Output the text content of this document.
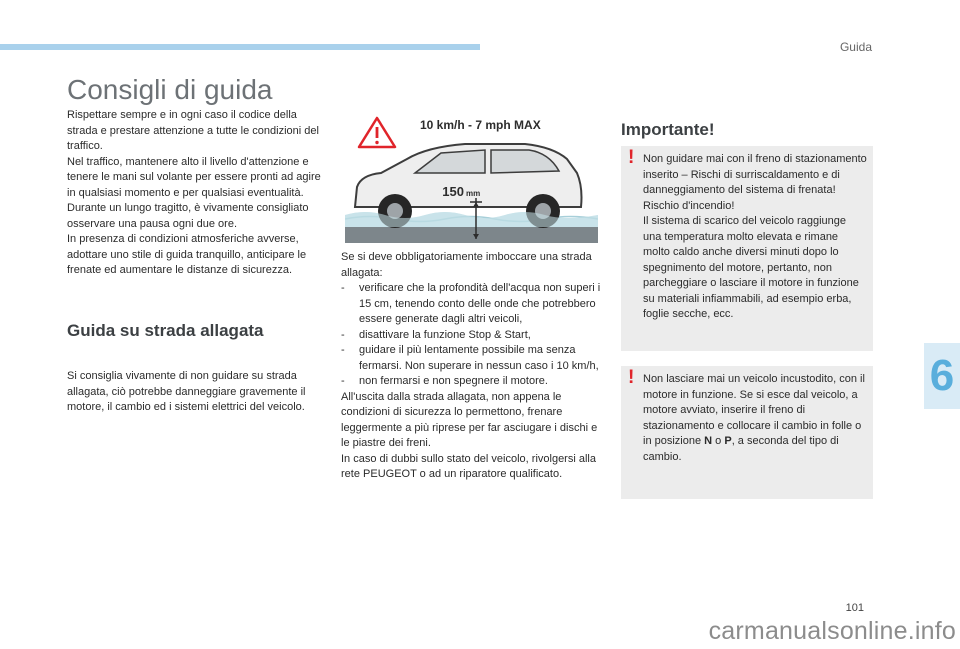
Guida
6
Consigli di guida

Rispettare sempre e in ogni caso il codice della strada e prestare attenzione a tutte le condizioni del traffico.

Nel traffico, mantenere alto il livello d'attenzione e tenere le mani sul volante per essere pronti ad agire in qualsiasi momento e per qualsiasi eventualità.

Durante un lungo tragitto, è vivamente consigliato osservare una pausa ogni due ore.

In presenza di condizioni atmosferiche avverse, adottare uno stile di guida tranquillo, anticipare le frenate ed aumentare le distanze di sicurezza.

Guida su strada allagata

Si consiglia vivamente di non guidare su strada allagata, ciò potrebbe danneggiare gravemente il motore, il cambio ed i sistemi elettrici del veicolo.

150 mm
10 km/h - 7 mph MAX

Se si deve obbligatoriamente imboccare una strada allagata:

-	verificare che la profondità dell'acqua non superi i 15 cm, tenendo conto delle onde che potrebbero essere generate dagli altri veicoli,
-	disattivare la funzione Stop & Start,
-	guidare il più lentamente possibile ma senza fermarsi. Non superare in nessun caso i 10 km/h,
-	non fermarsi e non spegnere il motore.

All'uscita dalla strada allagata, non appena le condizioni di sicurezza lo permettono, frenare leggermente a più riprese per far asciugare i dischi e le piastre dei freni.

In caso di dubbi sullo stato del veicolo, rivolgersi alla rete PEUGEOT o ad un riparatore qualificato.

Importante!
! Non guidare mai con il freno di stazionamento inserito – Rischi di surriscaldamento e di danneggiamento del sistema di frenata!

Rischio d'incendio!

Il sistema di scarico del veicolo raggiunge una temperatura molto elevata e rimane molto caldo anche diversi minuti dopo lo spegnimento del motore, pertanto, non parcheggiare o lasciare il motore in funzione su materiali infiammabili, ad esempio erba, foglie secche, ecc.

! Non lasciare mai un veicolo incustodito, con il motore in funzione. Se si esce dal veicolo, a motore avviato, inserire il freno di stazionamento e collocare il cambio in folle o in posizione N o P, a seconda del tipo di cambio.

101
carmanualsonline.info
